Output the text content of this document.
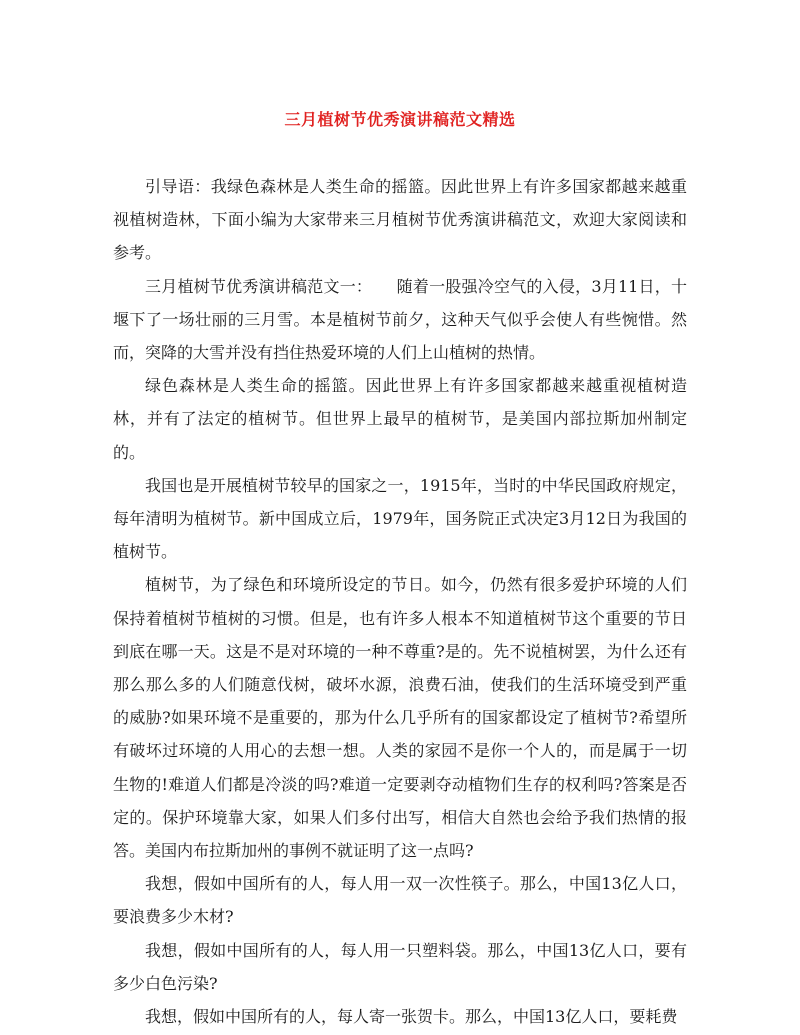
三月植树节优秀演讲稿范文精选

引导语：我绿色森林是人类生命的摇篮。因此世界上有许多国家都越来越重视植树造林，下面小编为大家带来三月植树节优秀演讲稿范文，欢迎大家阅读和参考。

三月植树节优秀演讲稿范文一：　　随着一股强冷空气的入侵，3月11日，十堰下了一场壮丽的三月雪。本是植树节前夕，这种天气似乎会使人有些惋惜。然而，突降的大雪并没有挡住热爱环境的人们上山植树的热情。

绿色森林是人类生命的摇篮。因此世界上有许多国家都越来越重视植树造林，并有了法定的植树节。但世界上最早的植树节，是美国内部拉斯加州制定的。

我国也是开展植树节较早的国家之一，1915年，当时的中华民国政府规定，每年清明为植树节。新中国成立后，1979年，国务院正式决定3月12日为我国的植树节。

植树节，为了绿色和环境所设定的节日。如今，仍然有很多爱护环境的人们保持着植树节植树的习惯。但是，也有许多人根本不知道植树节这个重要的节日到底在哪一天。这是不是对环境的一种不尊重?是的。先不说植树罢，为什么还有那么那么多的人们随意伐树，破坏水源，浪费石油，使我们的生活环境受到严重的威胁?如果环境不是重要的，那为什么几乎所有的国家都设定了植树节?希望所有破坏过环境的人用心的去想一想。人类的家园不是你一个人的，而是属于一切生物的!难道人们都是冷淡的吗?难道一定要剥夺动植物们生存的权利吗?答案是否定的。保护环境靠大家，如果人们多付出写，相信大自然也会给予我们热情的报答。美国内布拉斯加州的事例不就证明了这一点吗?

我想，假如中国所有的人，每人用一双一次性筷子。那么，中国13亿人口，要浪费多少木材?

我想，假如中国所有的人，每人用一只塑料袋。那么，中国13亿人口，要有多少白色污染?

我想，假如中国所有的人，每人寄一张贺卡。那么，中国13亿人口，要耗费
